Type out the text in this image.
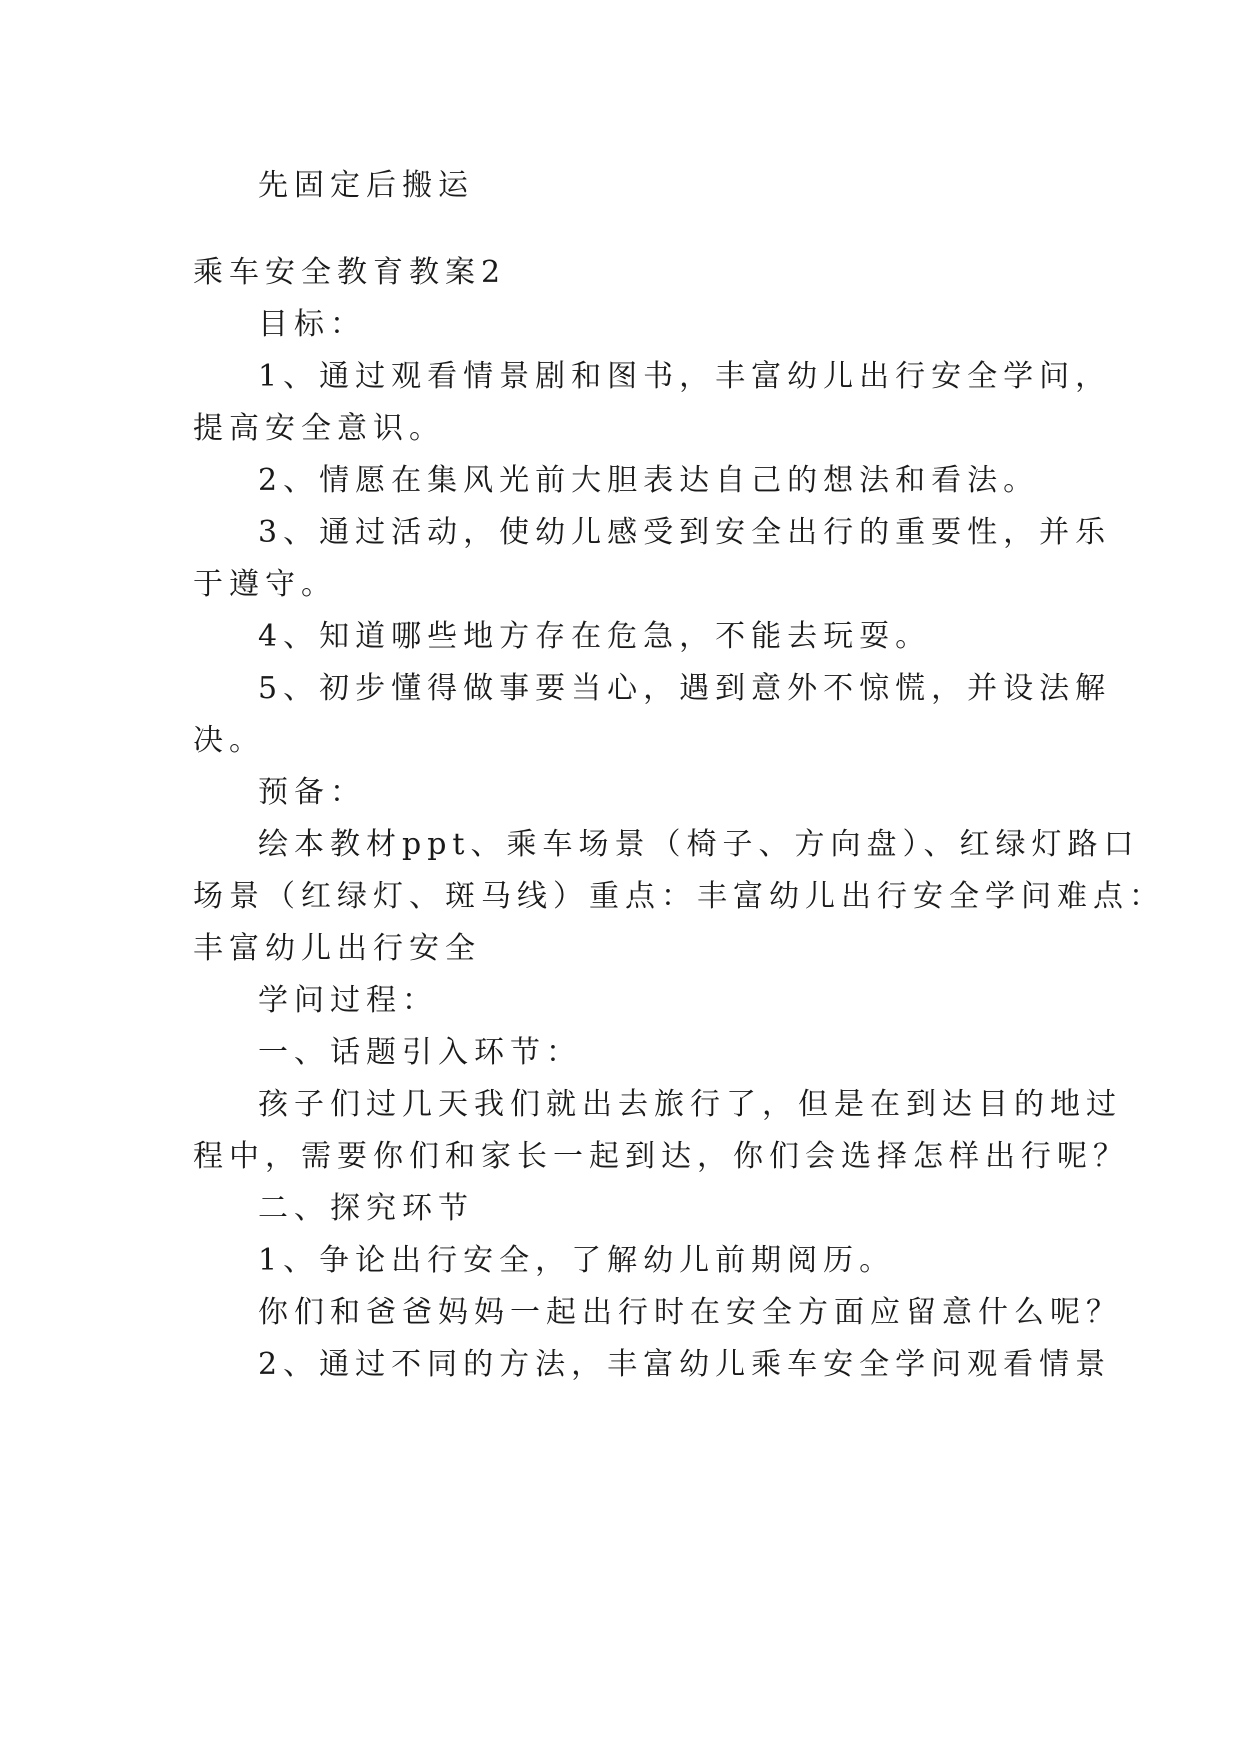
先固定后搬运
乘车安全教育教案2
目标：
1、通过观看情景剧和图书，丰富幼儿出行安全学问，
提高安全意识。
2、情愿在集风光前大胆表达自己的想法和看法。
3、通过活动，使幼儿感受到安全出行的重要性，并乐
于遵守。
4、知道哪些地方存在危急，不能去玩耍。
5、初步懂得做事要当心，遇到意外不惊慌，并设法解
决。
预备：
绘本教材ppt、乘车场景（椅子、方向盘）、红绿灯路口
场景（红绿灯、斑马线）重点：丰富幼儿出行安全学问难点：
丰富幼儿出行安全
学问过程：
一、话题引入环节：
孩子们过几天我们就出去旅行了，但是在到达目的地过
程中，需要你们和家长一起到达，你们会选择怎样出行呢？
二、探究环节
1、争论出行安全，了解幼儿前期阅历。
你们和爸爸妈妈一起出行时在安全方面应留意什么呢？
2、通过不同的方法，丰富幼儿乘车安全学问观看情景
